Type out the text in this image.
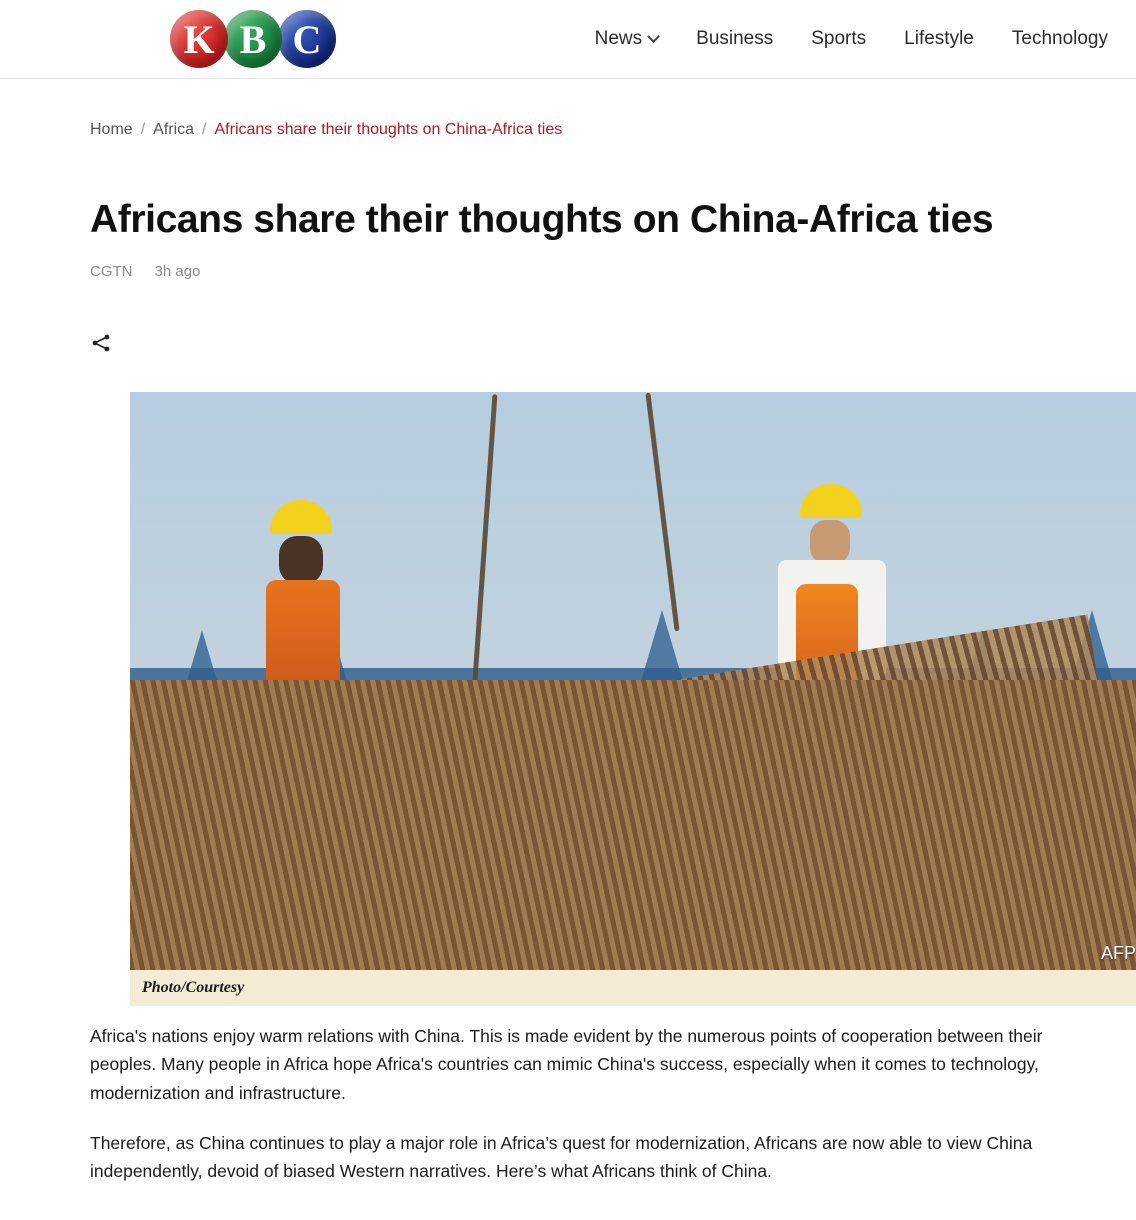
K B C	News	Business Sports Lifestyle Technology
Home / Africa / Africans share their thoughts on China-Africa ties
Africans share their thoughts on China-Africa ties
CGTN 3h ago
AFP
Photo/Courtesy

Africa's nations enjoy warm relations with China. This is made evident by the numerous points of cooperation between their peoples. Many people in Africa hope Africa's countries can mimic China's success, especially when it comes to technology, modernization and infrastructure.

Therefore, as China continues to play a major role in Africa’s quest for modernization, Africans are now able to view China independently, devoid of biased Western narratives. Here’s what Africans think of China.
